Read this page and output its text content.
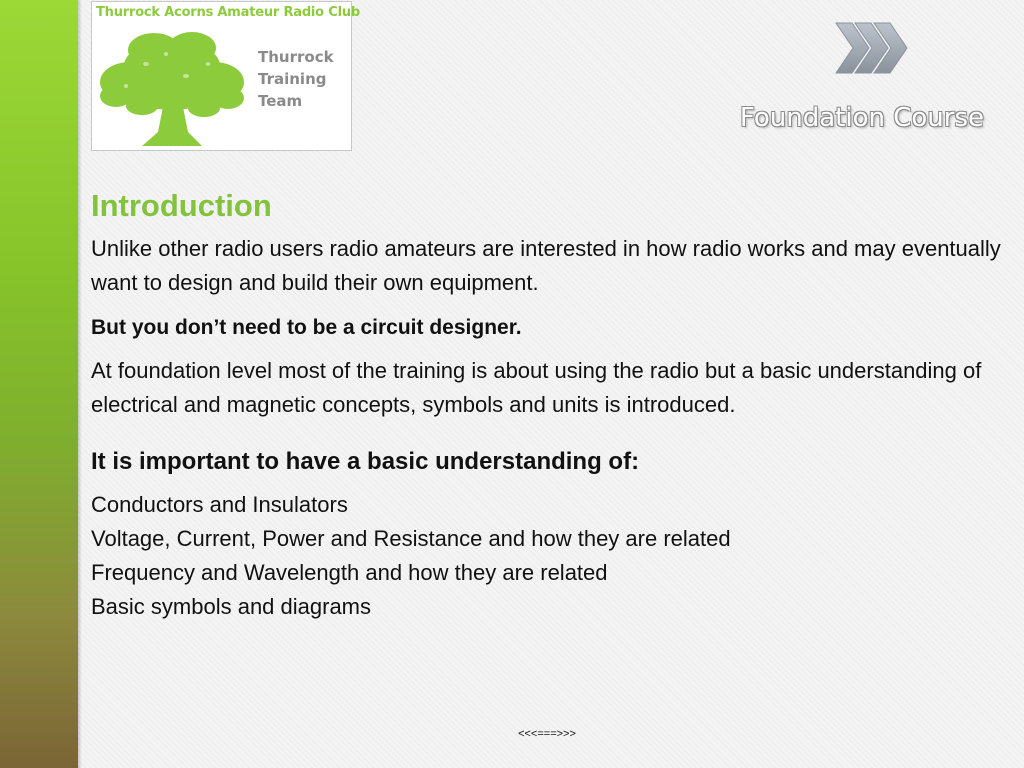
Thurrock Acorns Amateur Radio Club
Thurrock
Training
Team
Foundation Course
Introduction
Unlike other radio users radio amateurs are interested in how radio works and may eventually want to design and build their own equipment.
But you don’t need to be a circuit designer.
At foundation level most of the training is about using the radio but a basic understanding of electrical and magnetic concepts, symbols and units is introduced.
It is important to have a basic understanding of:
Conductors and Insulators
Voltage, Current, Power and Resistance and how they are related
Frequency and Wavelength and how they are related
Basic symbols and diagrams
<<<===>>>
